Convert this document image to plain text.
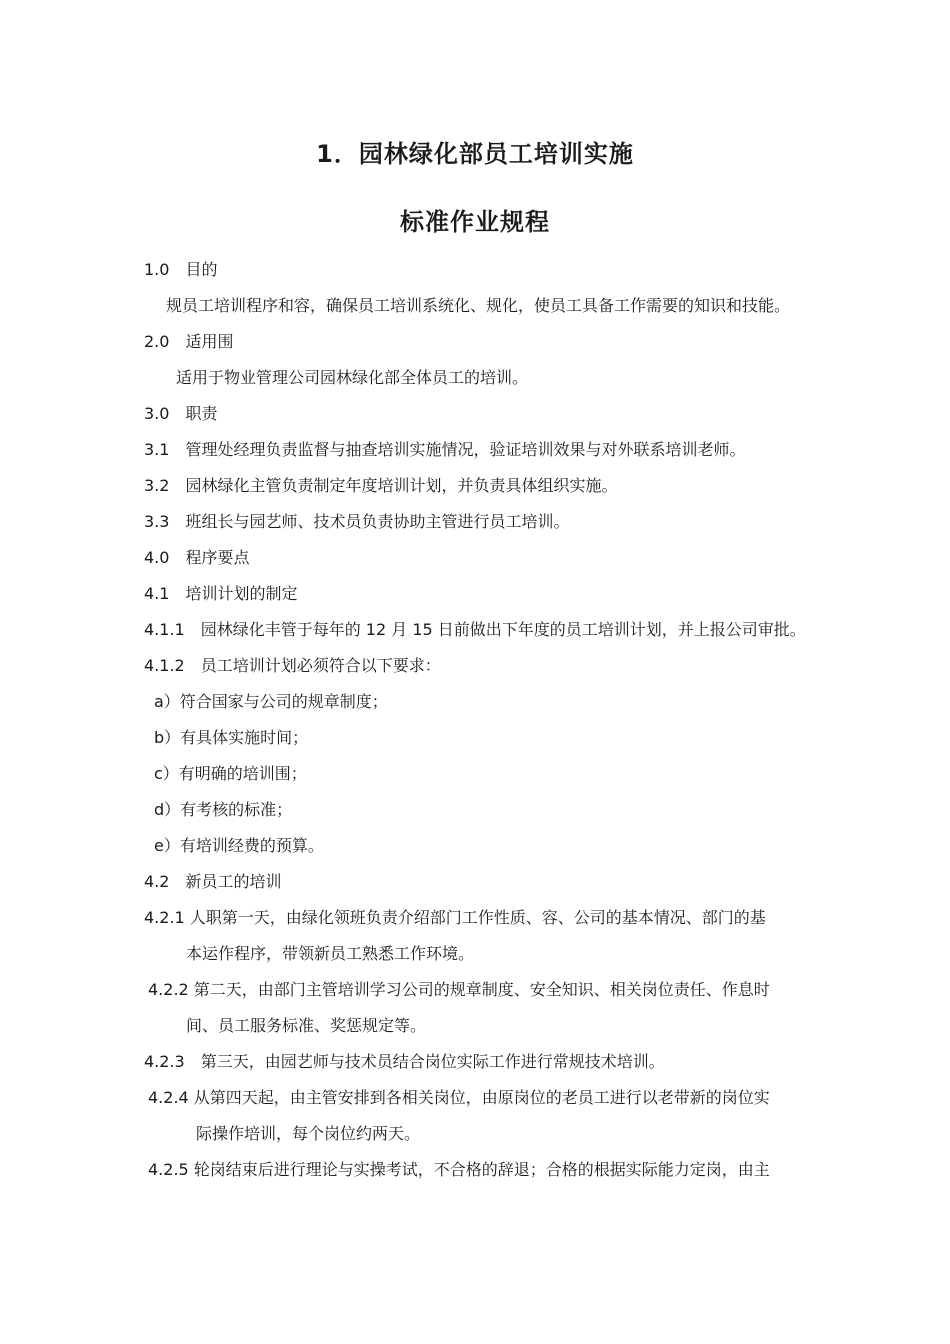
1．园林绿化部员工培训实施
标准作业规程
1.0　目的
规员工培训程序和容，确保员工培训系统化、规化，使员工具备工作需要的知识和技能。
2.0　适用围
适用于物业管理公司园林绿化部全体员工的培训。
3.0　职责
3.1　管理处经理负责监督与抽查培训实施情况，验证培训效果与对外联系培训老师。
3.2　园林绿化主管负责制定年度培训计划，并负责具体组织实施。
3.3　班组长与园艺师、技术员负责协助主管进行员工培训。
4.0　程序要点
4.1　培训计划的制定
4.1.1　园林绿化丰管于每年的 12 月 15 日前做出下年度的员工培训计划，并上报公司审批。
4.1.2　员工培训计划必须符合以下要求：
a）符合国家与公司的规章制度；
b）有具体实施时间；
c）有明确的培训围；
d）有考核的标准；
e）有培训经费的预算。
4.2　新员工的培训
4.2.1 人职第一天，由绿化领班负责介绍部门工作性质、容、公司的基本情况、部门的基
本运作程序，带领新员工熟悉工作环境。
4.2.2 第二天，由部门主管培训学习公司的规章制度、安全知识、相关岗位责任、作息时
间、员工服务标准、奖惩规定等。
4.2.3　第三天，由园艺师与技术员结合岗位实际工作进行常规技术培训。
4.2.4 从第四天起，由主管安排到各相关岗位，由原岗位的老员工进行以老带新的岗位实
际操作培训，每个岗位约两天。
4.2.5 轮岗结束后进行理论与实操考试，不合格的辞退；合格的根据实际能力定岗，由主
